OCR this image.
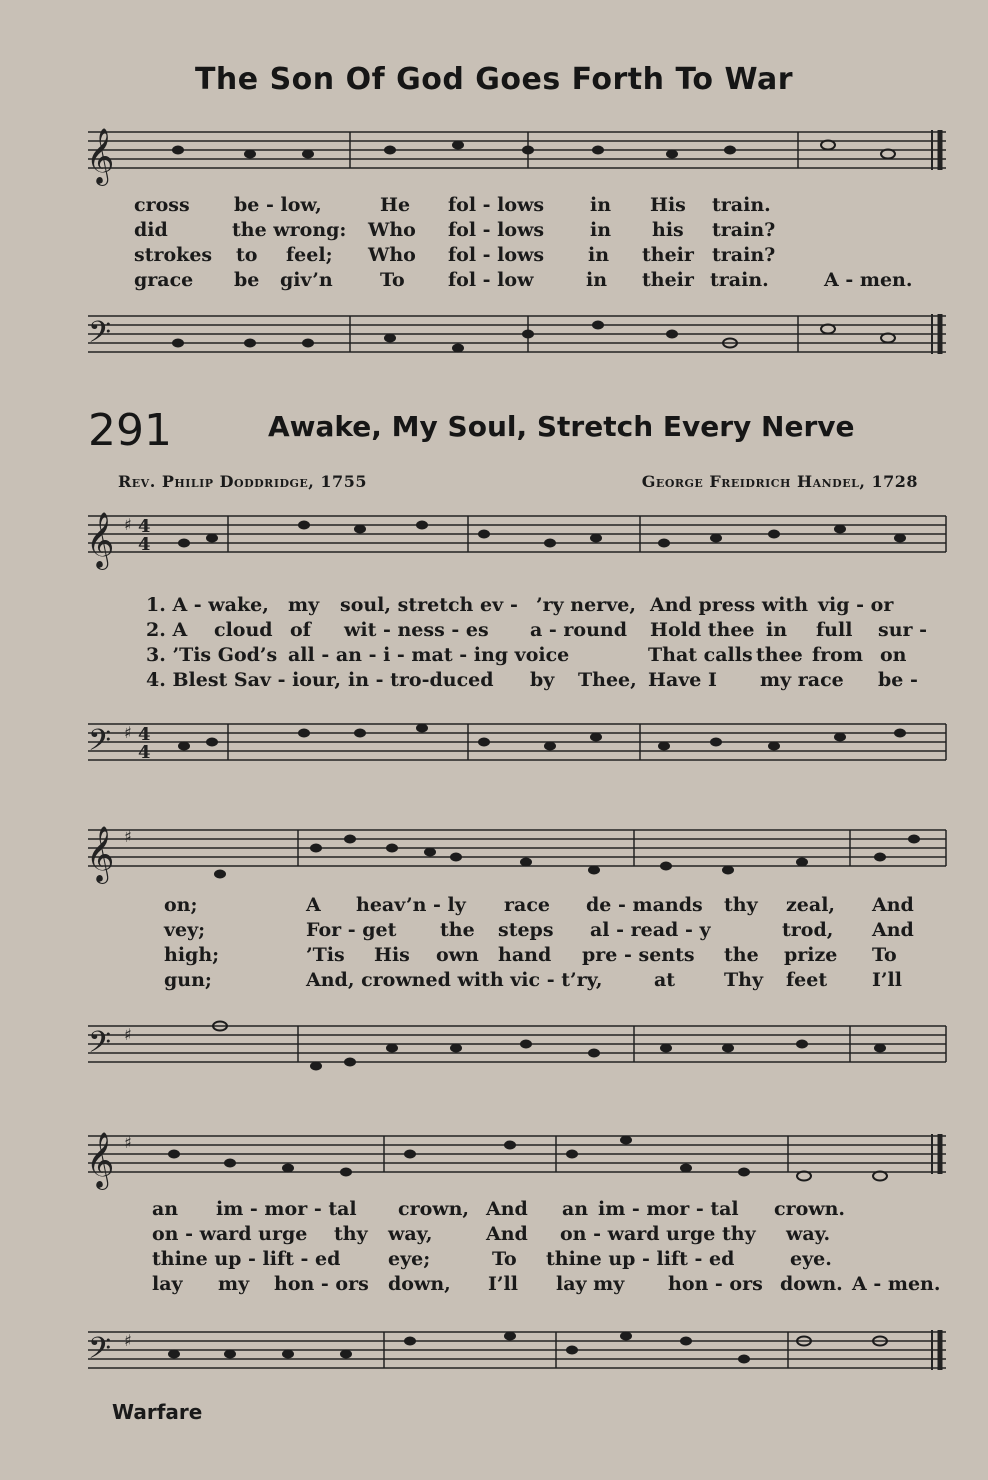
The Son Of God Goes Forth To War
𝄞
cross be - low,	He fol - lows in His train.
did	the wrong: Who fol - lows in his train?
strokes to feel; Who fol - lows in their train?
grace be giv’n To fol - low	in their train.	A - men.
𝄢
291	Awake, My Soul, Stretch Every Nerve
Rev. Philip Doddridge, 1755	George Freidrich Handel, 1728
𝄞 ♯ 4
4
1. A - wake, my soul, stretch ev - ’ry nerve, And press with vig - or
2. A cloud of wit - ness - es a - round Hold thee in full sur -
3. ’Tis God’s all - an - i - mat - ing voice	That calls thee from on
4. Blest Sav - iour, in - tro-duced by Thee, Have I my race be -
𝄢 ♯ 4
4
𝄞 ♯
on;	A heav’n - ly race de - mands thy zeal, And
vey;	For - get the steps al - read - y	trod, And
high;	’Tis His own hand pre - sents the prize To
gun;	And, crowned with vic - t’ry,	at	Thy feet I’ll
𝄢 ♯
𝄞 ♯
an im - mor - tal crown, And an im - mor - tal crown.
on - ward urge thy way,	And on - ward urge thy way.
thine up - lift - ed	eye;	To thine up - lift - ed	eye.
lay my hon - ors down, I’ll lay my hon - ors down. A - men.
𝄢 ♯
Warfare
